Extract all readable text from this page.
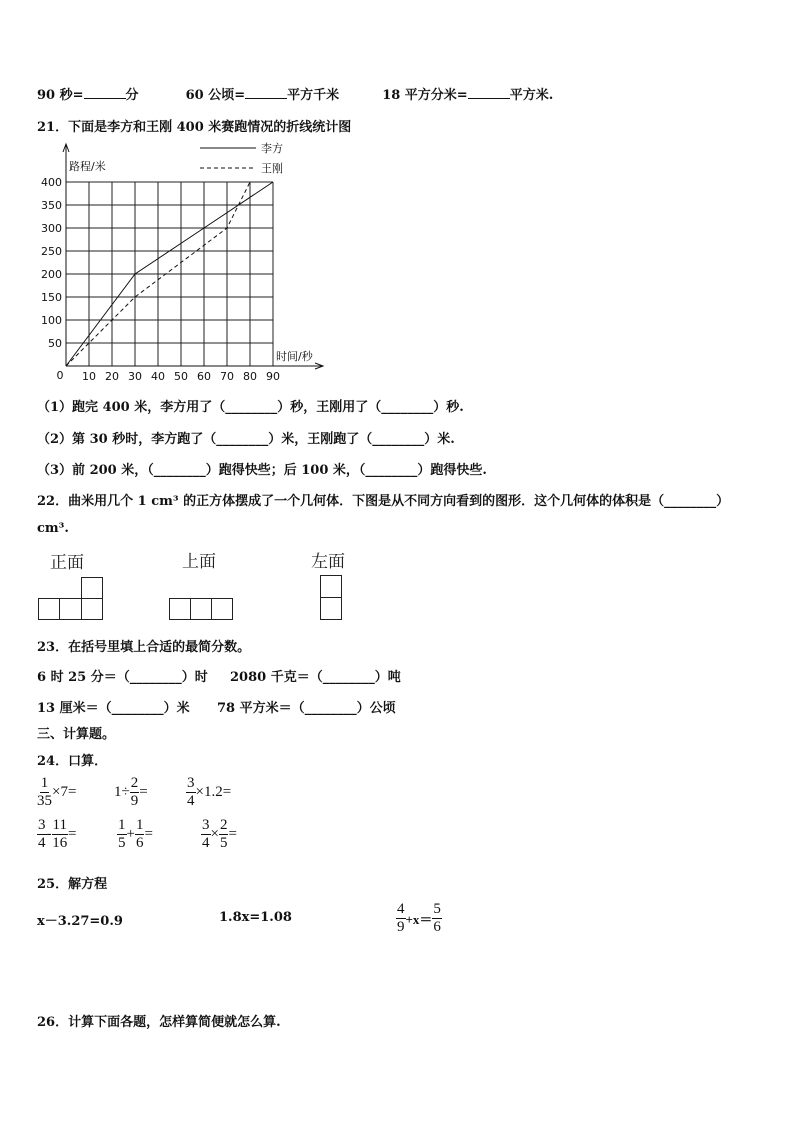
90 秒=	分	60 公顷=	平方千米	18 平方分米=	平方米.
21．下面是李方和王刚 400 米赛跑情况的折线统计图
10 20 30 40 50 60 70 80 90
50
100
150
200
250
300
350
400
0
路程/米
时间/秒
李方
王刚
（1）跑完 400 米，李方用了（________）秒，王刚用了（________）秒.
（2）第 30 秒时，李方跑了（________）米，王刚跑了（________）米.
（3）前 200 米，（________）跑得快些；后 100 米，（________）跑得快些.
22．曲米用几个 1 cm³ 的正方体摆成了一个几何体．下图是从不同方向看到的图形．这个几何体的体积是（________）
cm³.
正面	上面	左面
23．在括号里填上合适的最简分数。
6 时 25 分＝（________）时 2080 千克＝（________）吨
13 厘米＝（________）米 78 平方米＝（________）公顷
三、计算题。
24．口算．
$\frac{1}{35} \times 7=$	$1\div \frac{2}{9}$ =	$\frac{3}{4} \times 1.2=$
$\frac{3}{4} - \frac{11}{16}$ =	$\frac{1}{5} + \frac{1}{6}$ =	$\frac{3}{4} \times \frac{2}{5}$ =
25．解方程
x－3.27=0.9	1.8x=1.08	$\frac{4}{9} +x= \frac{5}{6}$
26．计算下面各题，怎样算简便就怎么算.
